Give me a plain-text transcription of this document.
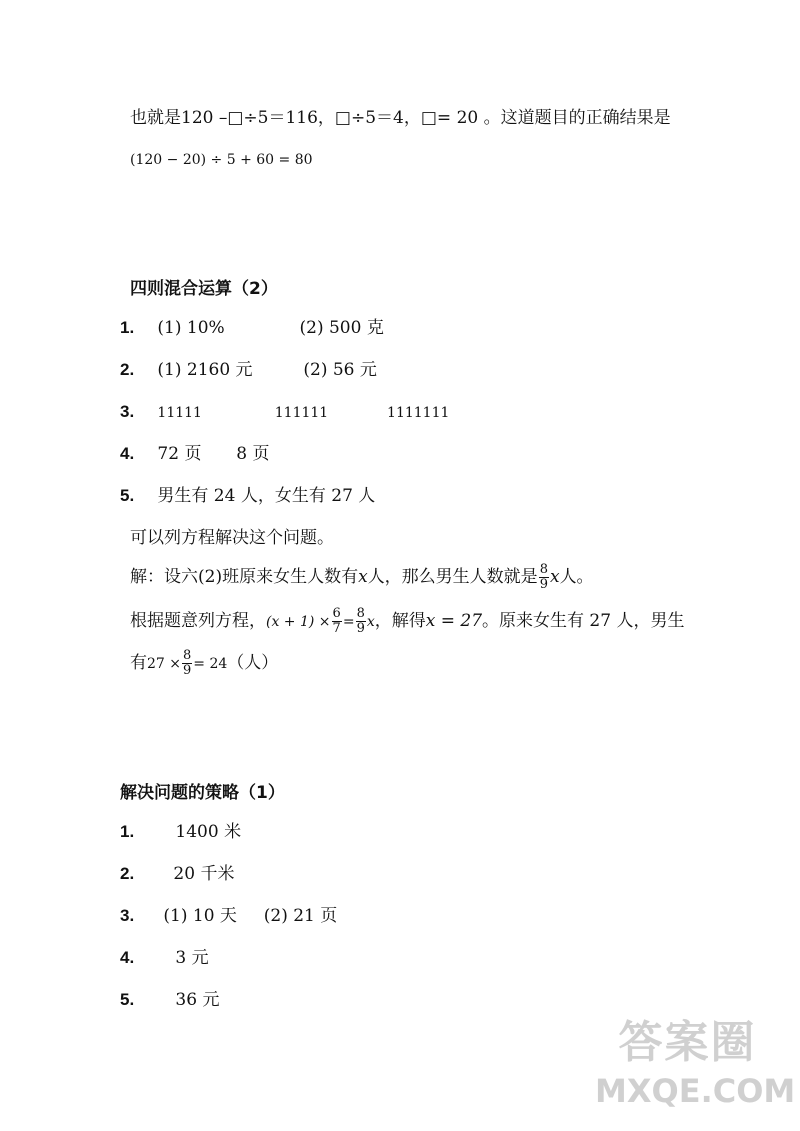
也就是120 –□÷5＝116，□÷5＝4，□= 20 。这道题目的正确结果是
(120 − 20) ÷ 5 + 60 = 80
四则混合运算（2）
1. (1) 10%	(2) 500 克
2. (1) 2160 元	(2) 56 元
3. 11111	111111	1111111
4. 72 页 8 页
5. 男生有 24 人，女生有 27 人
可以列方程解决这个问题。
解：设六(2)班原来女生人数有x人，那么男生人数就是 $\frac{8}{9}$ x人。
根据题意列方程，$(x + 1) \times \frac{6}{7} = \frac{8}{9}$ x，解得x = 27。原来女生有 27 人，男生
有$27 \times \frac{8}{9} = 24$（人）
解决问题的策略（1）
1. 1400 米
2. 20 千米
3. (1) 10 天 (2) 21 页
4. 3 元
5. 36 元
答案圈
MXQE.COM
